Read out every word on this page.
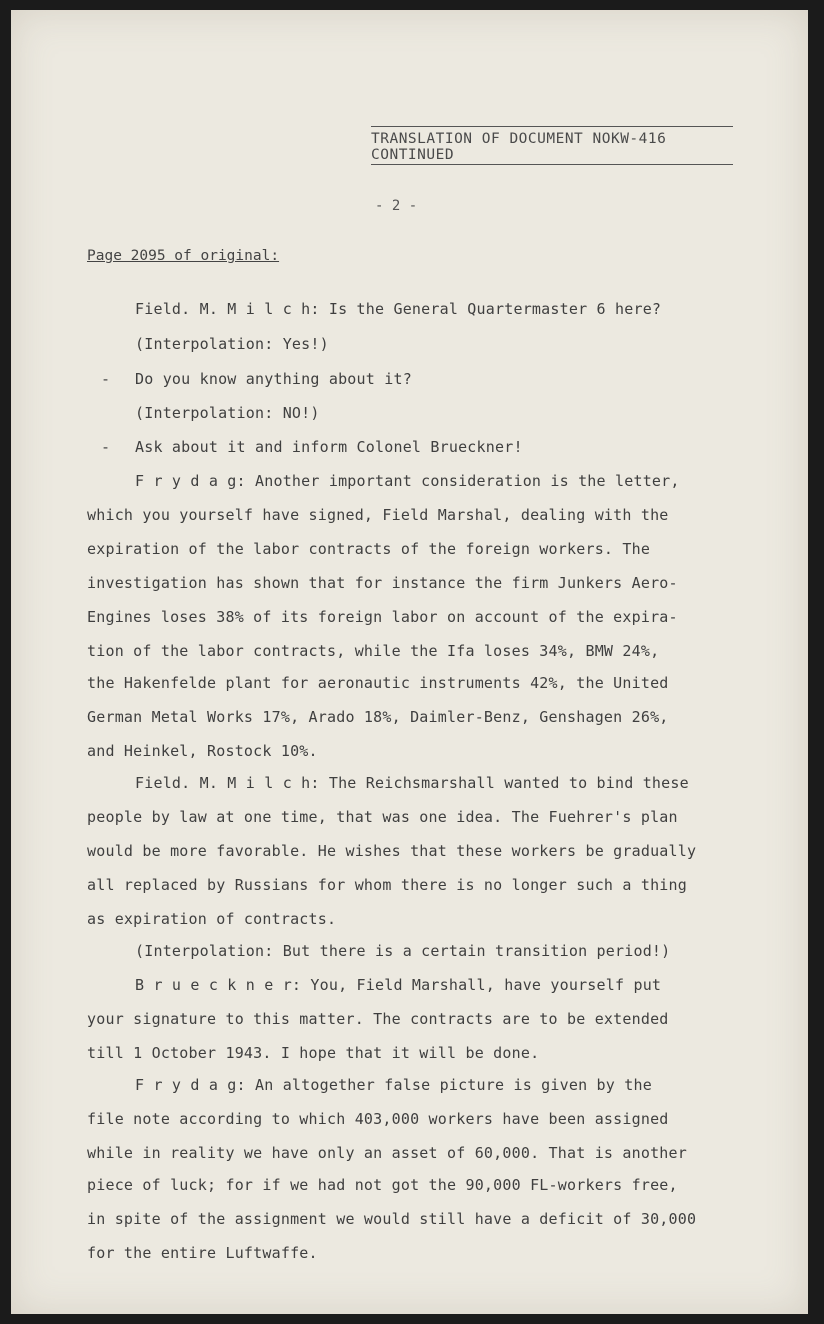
TRANSLATION OF DOCUMENT NOKW-416
CONTINUED
- 2 -
Page 2095 of original:
-
-
Field. M. M i l c h: Is the General Quartermaster 6 here?
(Interpolation: Yes!)
Do you know anything about it?
(Interpolation: NO!)
Ask about it and inform Colonel Brueckner!
F r y d a g: Another important consideration is the letter,
which you yourself have signed, Field Marshal, dealing with the
expiration of the labor contracts of the foreign workers. The
investigation has shown that for instance the firm Junkers Aero-
Engines loses 38% of its foreign labor on account of the expira-
tion of the labor contracts, while the Ifa loses 34%, BMW 24%,
the Hakenfelde plant for aeronautic instruments 42%, the United
German Metal Works 17%, Arado 18%, Daimler-Benz, Genshagen 26%,
and Heinkel, Rostock 10%.
Field. M. M i l c h: The Reichsmarshall wanted to bind these
people by law at one time, that was one idea. The Fuehrer's plan
would be more favorable. He wishes that these workers be gradually
all replaced by Russians for whom there is no longer such a thing
as expiration of contracts.
(Interpolation: But there is a certain transition period!)
B r u e c k n e r: You, Field Marshall, have yourself put
your signature to this matter. The contracts are to be extended
till 1 October 1943. I hope that it will be done.
F r y d a g: An altogether false picture is given by the
file note according to which 403,000 workers have been assigned
while in reality we have only an asset of 60,000. That is another
piece of luck; for if we had not got the 90,000 FL-workers free,
in spite of the assignment we would still have a deficit of 30,000
for the entire Luftwaffe.
